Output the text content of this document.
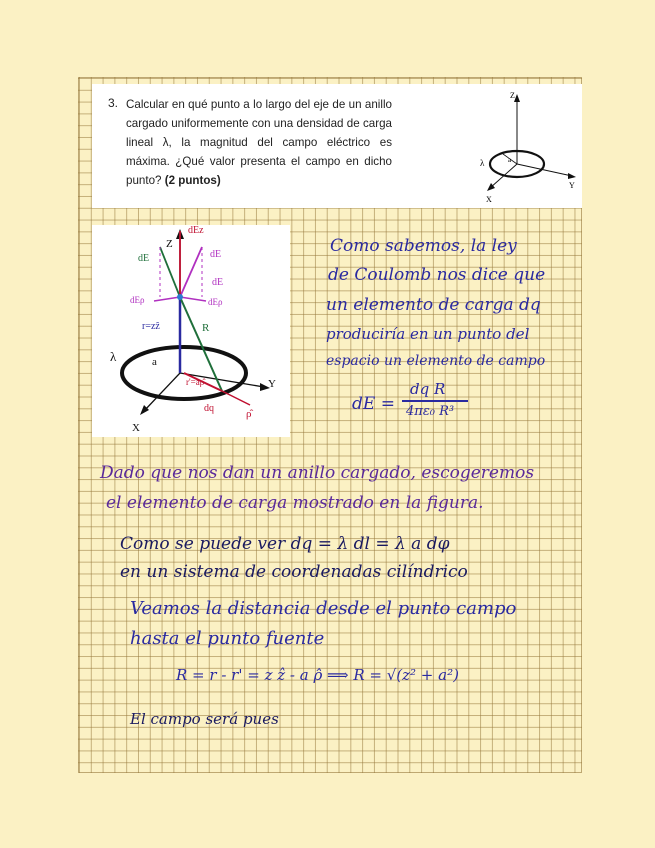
3. Calcular en qué punto a lo largo del eje de un anillo cargado uniformemente con una densidad de carga lineal λ, la magnitud del campo eléctrico es máxima. ¿Qué valor presenta el campo en dicho punto? (2 puntos)
Z
Y
X
λ	a
dEz
Z
dE	dE
dE
dEρ	dEρ
r=zẑ	R
λ	a
r'=aρ̂	Y
dq	ρ̂
X
Como sabemos, la ley
de Coulomb nos dice que
un elemento de carga dq
produciría en un punto del
espacio un elemento de campo
dE =
dq R
4πε₀ R³
Dado que nos dan un anillo cargado, escogeremos
el elemento de carga mostrado en la figura.
Como se puede ver dq = λ dl = λ a dφ
en un sistema de coordenadas cilíndrico
Veamos la distancia desde el punto campo
hasta el punto fuente
R = r - r' = z ẑ - a ρ̂ ⟹ R = √(z² + a²)
El campo será pues
